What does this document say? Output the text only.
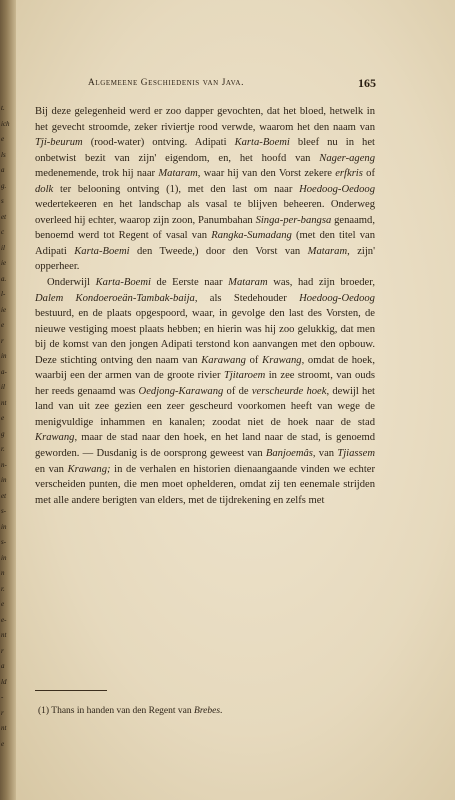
t.
ich
e
ls
a
g.
s
et
c
il
ie
a.
l-
ie
e
r
in
a-
il
nt
e
g
r.
n-
in
et
s-
in
s-
in
n
r.
e
e-
nt
r
a
ld
-
r
nt
e
Algemeene Geschiedenis van Java.	165

Bij deze gelegenheid werd er zoo dapper gevochten, dat het bloed, hetwelk in het gevecht stroomde, zeker riviertje rood verwde, waarom het den naam van Tji-beurum (rood-water) ontving. Adipati Karta-Boemi bleef nu in het onbetwist bezit van zijn' eigendom, en, het hoofd van Nager-ageng medenemende, trok hij naar Mataram, waar hij van den Vorst zekere erfkris of dolk ter belooning ontving (1), met den last om naar Hoedoog-Oedoog wedertekeeren en het landschap als vasal te blijven beheeren. Onderweg overleed hij echter, waarop zijn zoon, Panumbahan Singa-per-bangsa genaamd, benoemd werd tot Regent of vasal van Rangka-Sumadang (met den titel van Adipati Karta-Boemi den Tweede,) door den Vorst van Mataram, zijn' opperheer.

Onderwijl Karta-Boemi de Eerste naar Mataram was, had zijn broeder, Dalem Kondoeroeän-Tambak-baija, als Stedehouder Hoedoog-Oedoog bestuurd, en de plaats opgespoord, waar, in gevolge den last des Vorsten, de nieuwe vestiging moest plaats hebben; en hierin was hij zoo gelukkig, dat men bij de komst van den jongen Adipati terstond kon aanvangen met den opbouw. Deze stichting ontving den naam van Karawang of Krawang, omdat de hoek, waarbij een der armen van de groote rivier Tjitaroem in zee stroomt, van ouds her reeds genaamd was Oedjong-Karawang of de verscheurde hoek, dewijl het land van uit zee gezien een zeer gescheurd voorkomen heeft van wege de menigvuldige inhammen en kanalen; zoodat niet de hoek naar de stad Krawang, maar de stad naar den hoek, en het land naar de stad, is genoemd geworden. — Dusdanig is de oorsprong geweest van Banjoemâs, van Tjiassem en van Krawang; in de verhalen en historien dienaangaande vinden we echter verscheiden punten, die men moet ophelderen, omdat zij ten eenemale strijden met alle andere berigten van elders, met de tijdrekening en zelfs met

(1) Thans in handen van den Regent van Brebes.
